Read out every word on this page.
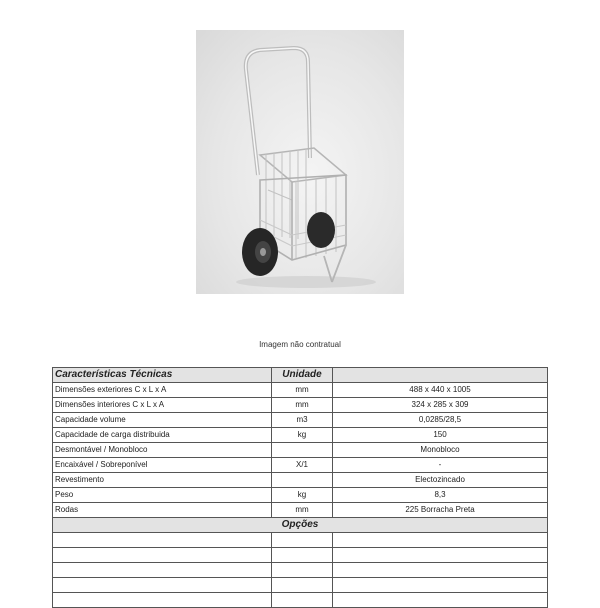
Imagem não contratual
Características Técnicas	Unidade	
Dimensões exteriores C x L x A	mm	488 x 440 x 1005
Dimensões interiores C x L x A	mm	324 x 285 x 309
Capacidade volume	m3	0,0285/28,5
Capacidade de carga distribuida	kg	150
Desmontável / Monobloco		Monobloco
Encaixável / Sobreponível	X/1	-
Revestimento		Electozincado
Peso	kg	8,3
Rodas	mm	225 Borracha Preta
Opções		
